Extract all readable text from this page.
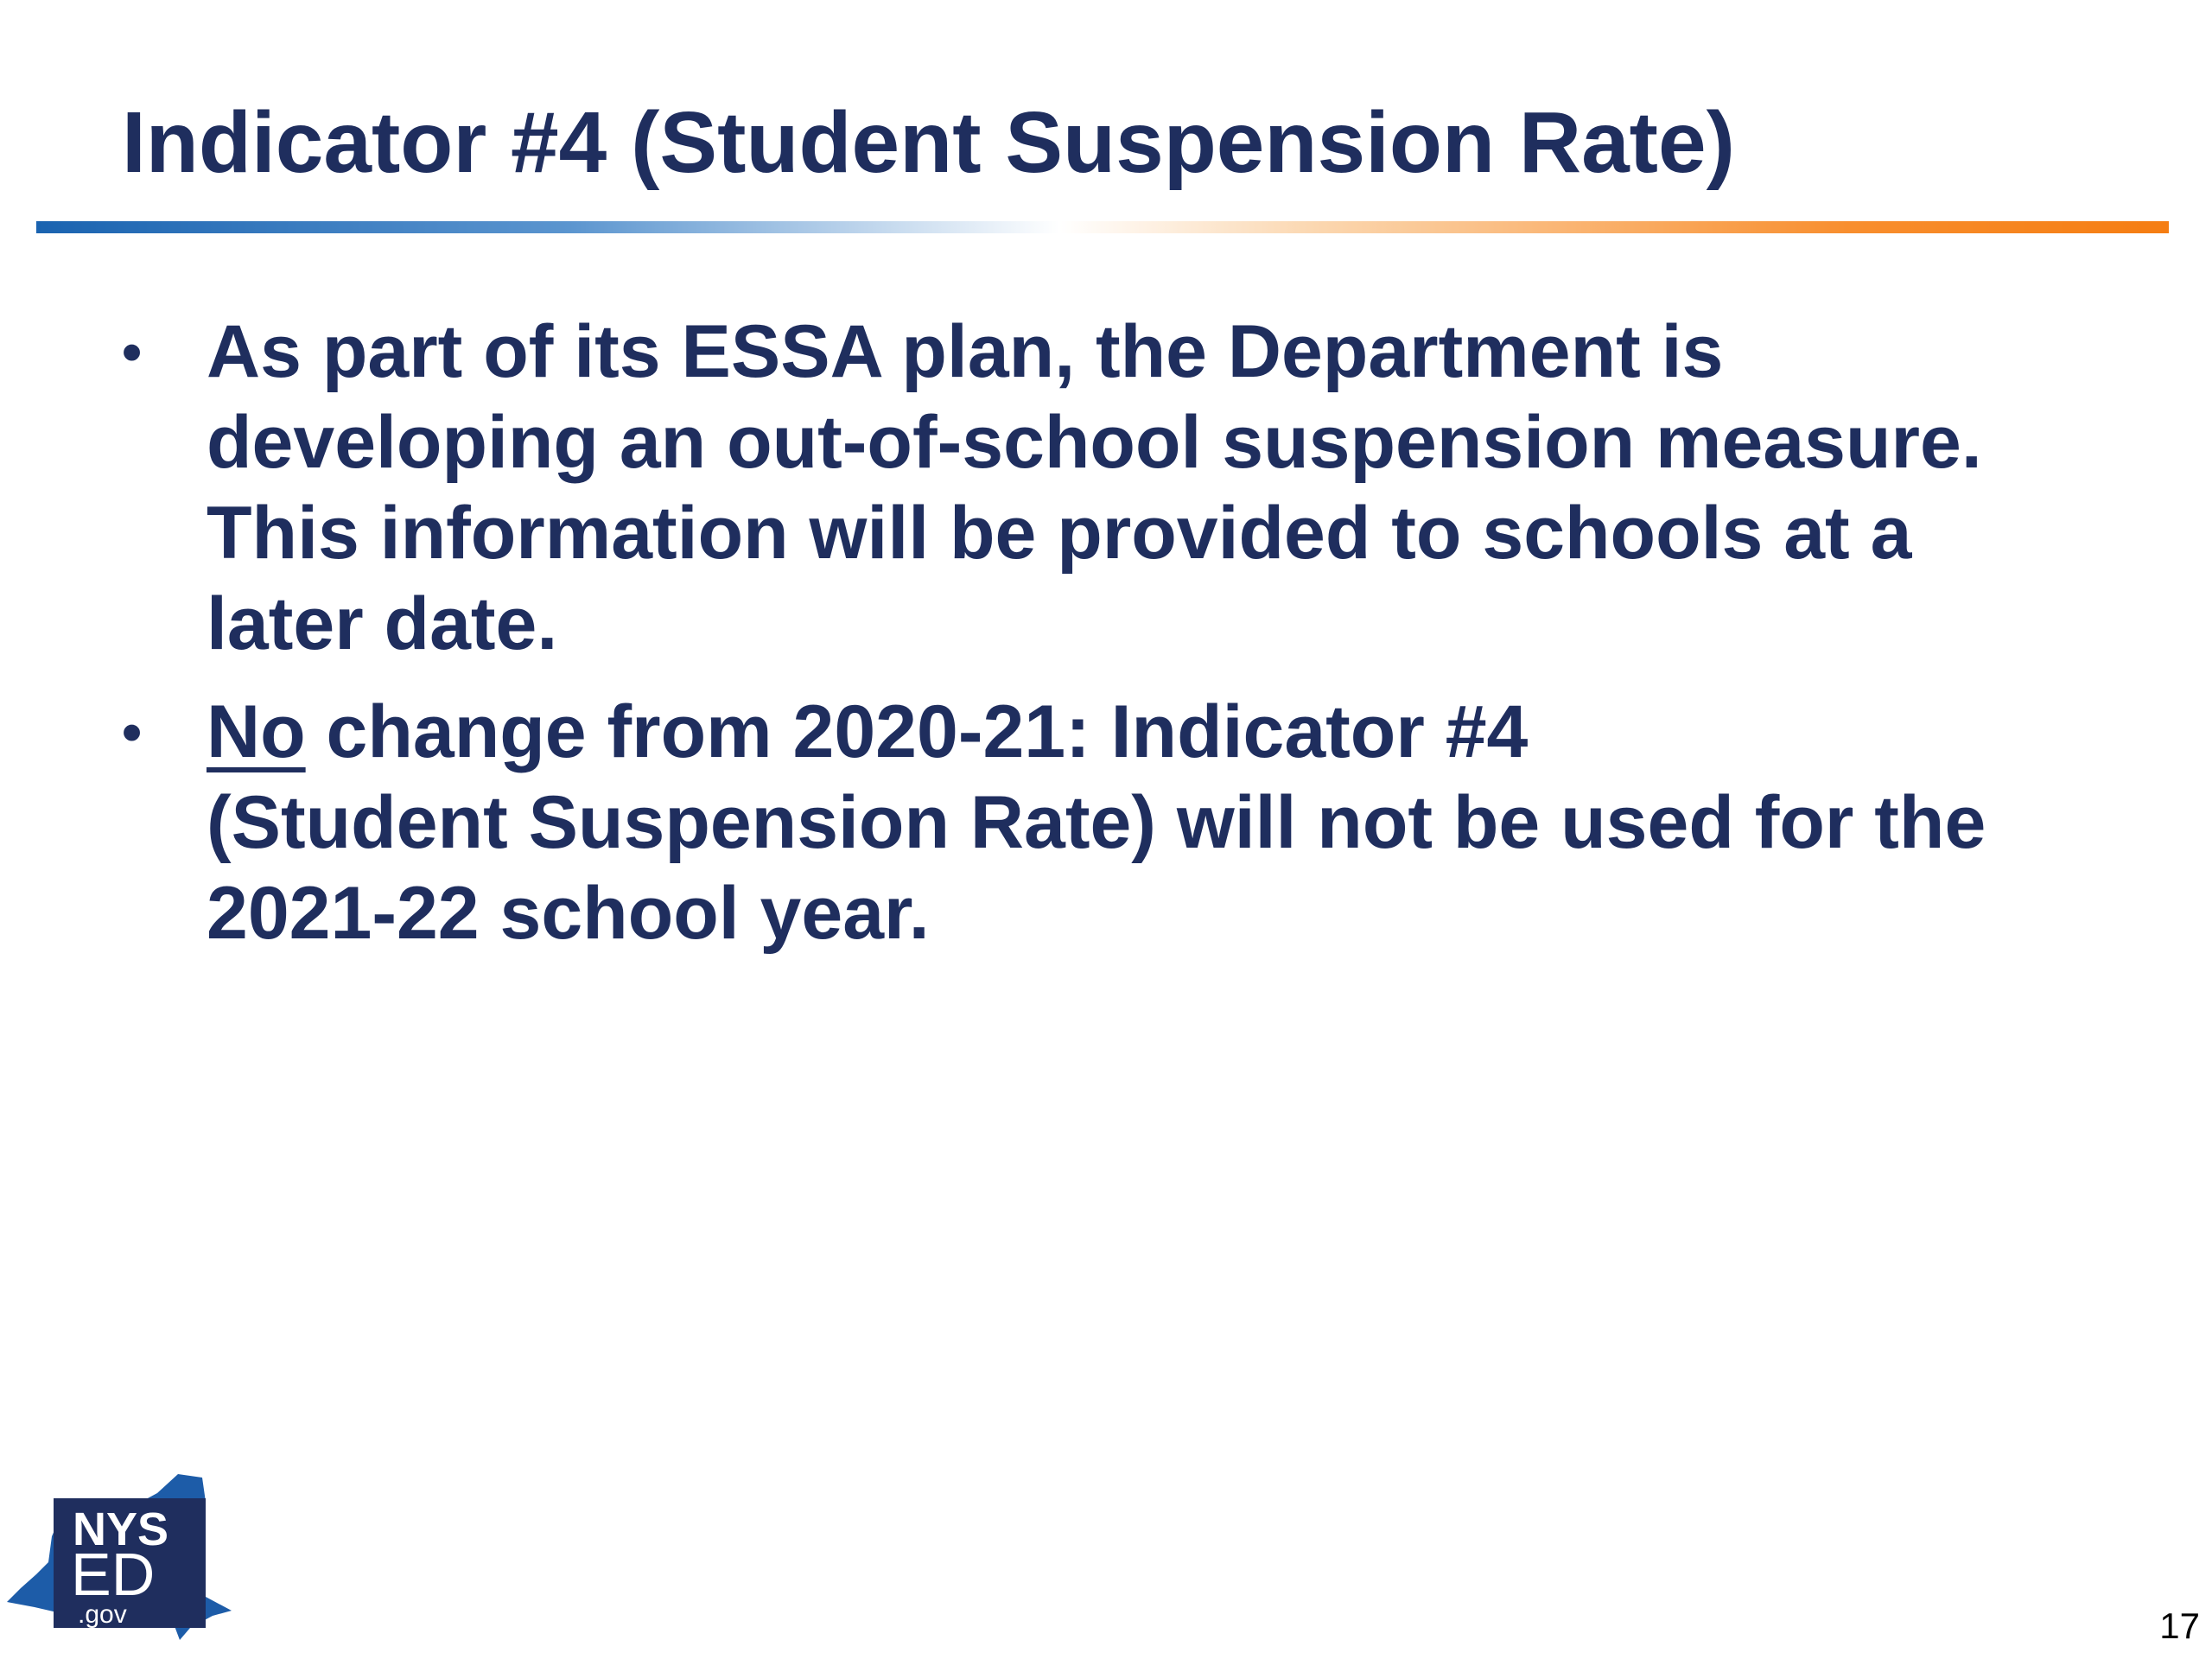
Indicator #4 (Student Suspension Rate)
• As part of its ESSA plan, the Department is developing an out-of-school suspension measure. This information will be provided to schools at a later date.
• No change from 2020-21: Indicator #4
(Student Suspension Rate) will not be used for the 2021-22 school year.
NYS
ED
.gov	17
